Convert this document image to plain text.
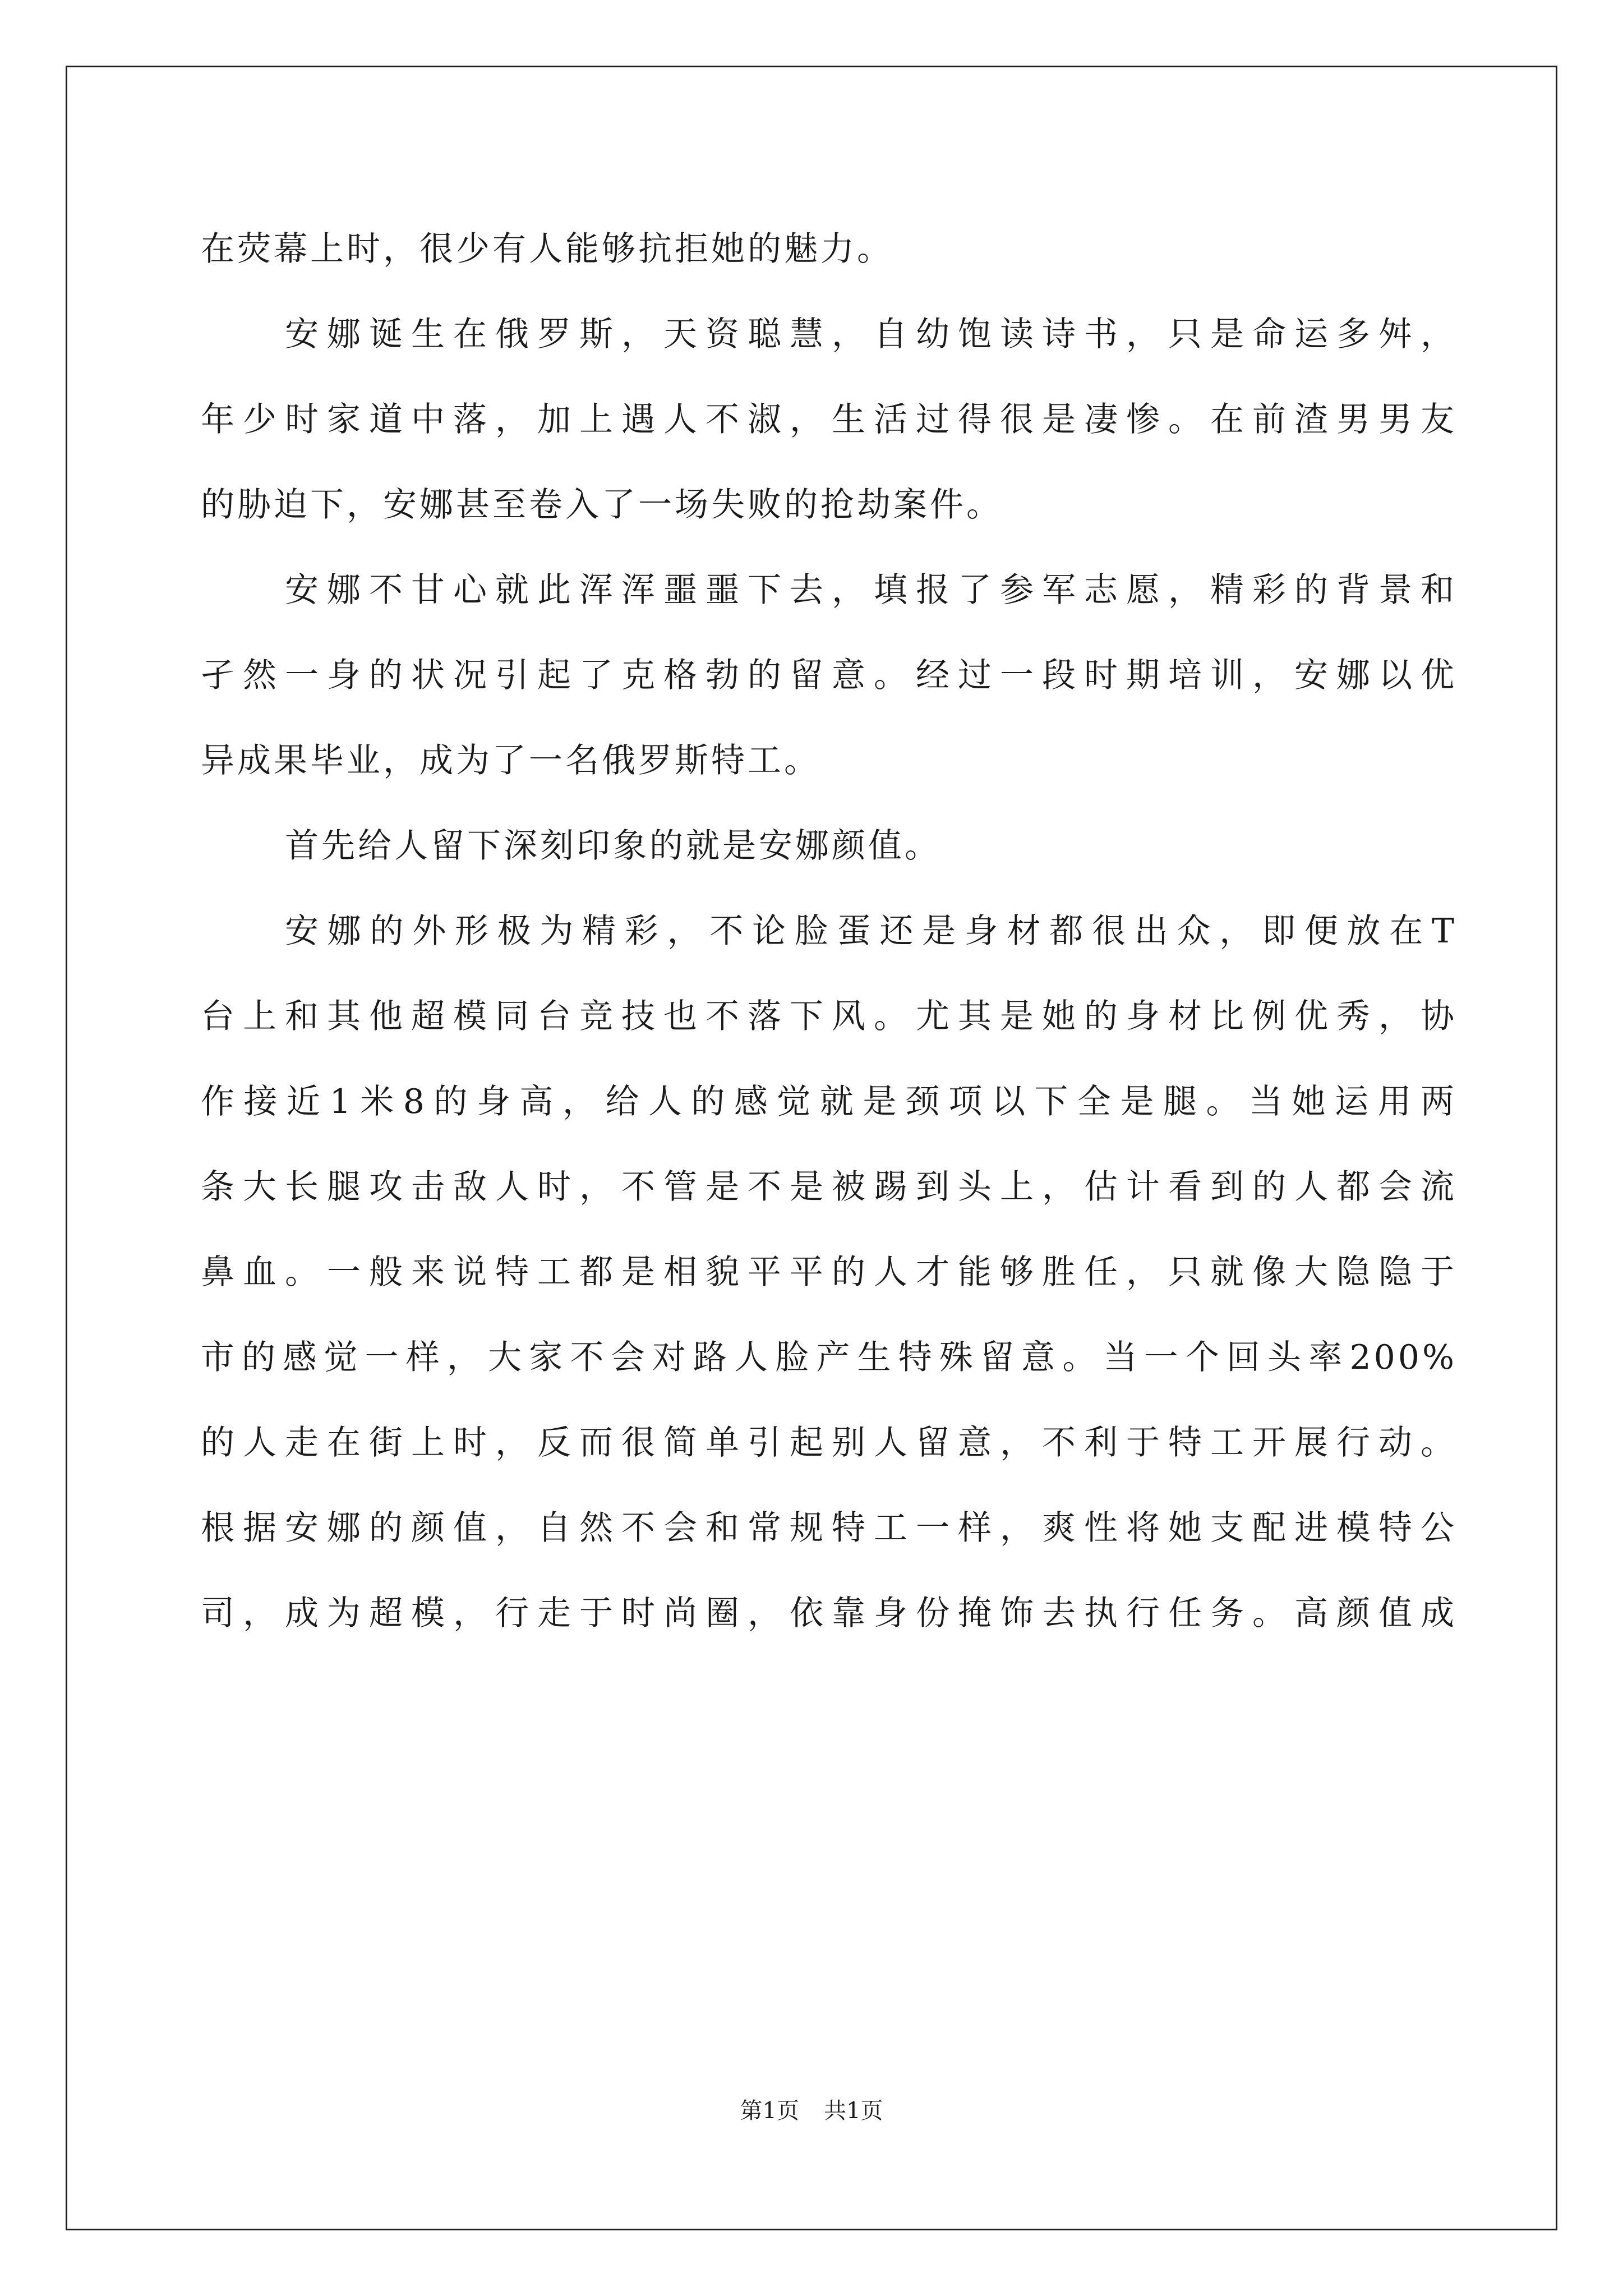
在荧幕上时，很少有人能够抗拒她的魅力。
安娜诞生在俄罗斯，天资聪慧，自幼饱读诗书，只是命运多舛，
年少时家道中落，加上遇人不淑，生活过得很是凄惨。在前渣男男友
的胁迫下，安娜甚至卷入了一场失败的抢劫案件。
安娜不甘心就此浑浑噩噩下去，填报了参军志愿，精彩的背景和
孑然一身的状况引起了克格勃的留意。经过一段时期培训，安娜以优
异成果毕业，成为了一名俄罗斯特工。
首先给人留下深刻印象的就是安娜颜值。
安娜的外形极为精彩，不论脸蛋还是身材都很出众，即便放在T
台上和其他超模同台竞技也不落下风。尤其是她的身材比例优秀，协
作接近1米8的身高，给人的感觉就是颈项以下全是腿。当她运用两
条大长腿攻击敌人时，不管是不是被踢到头上，估计看到的人都会流
鼻血。一般来说特工都是相貌平平的人才能够胜任，只就像大隐隐于
市的感觉一样，大家不会对路人脸产生特殊留意。当一个回头率200%
的人走在街上时，反而很简单引起别人留意，不利于特工开展行动。
根据安娜的颜值，自然不会和常规特工一样，爽性将她支配进模特公
司，成为超模，行走于时尚圈，依靠身份掩饰去执行任务。高颜值成
第1页 共1页
